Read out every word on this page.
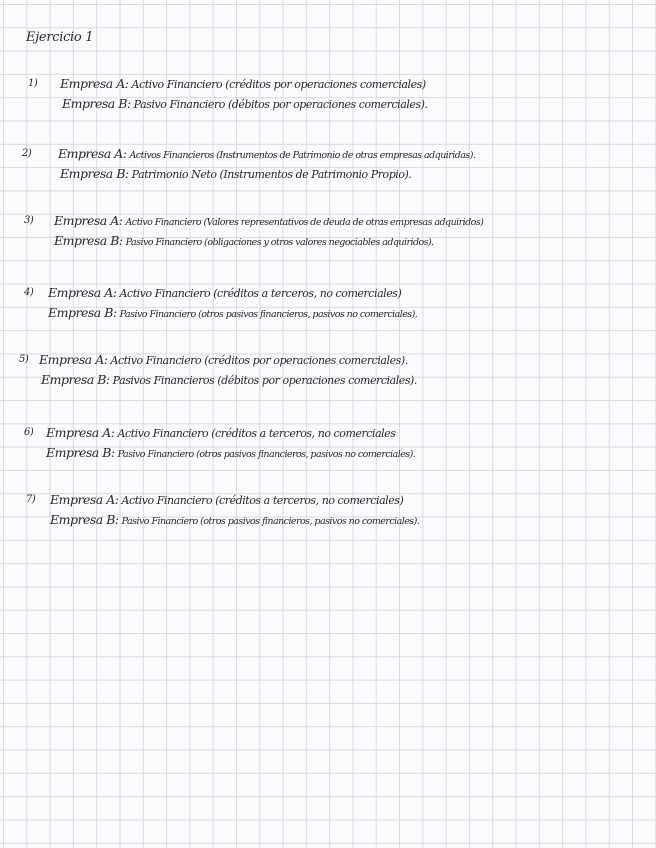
Ejercicio 1
1) Empresa A: Activo Financiero (créditos por operaciones comerciales)
Empresa B: Pasivo Financiero (débitos por operaciones comerciales).
2) Empresa A: Activos Financieros (Instrumentos de Patrimonio de otras empresas adquiridas).
Empresa B: Patrimonio Neto (Instrumentos de Patrimonio Propio).
3) Empresa A: Activo Financiero (Valores representativos de deuda de otras empresas adquiridos)
Empresa B: Pasivo Financiero (obligaciones y otros valores negociables adquiridos).
4) Empresa A: Activo Financiero (créditos a terceros, no comerciales)
Empresa B: Pasivo Financiero (otros pasivos financieros, pasivos no comerciales).
5) Empresa A: Activo Financiero (créditos por operaciones comerciales).
Empresa B: Pasivos Financieros (débitos por operaciones comerciales).
6) Empresa A: Activo Financiero (créditos a terceros, no comerciales
Empresa B: Pasivo Financiero (otros pasivos financieros, pasivos no comerciales).
7) Empresa A: Activo Financiero (créditos a terceros, no comerciales)
Empresa B: Pasivo Financiero (otros pasivos financieros, pasivos no comerciales).
